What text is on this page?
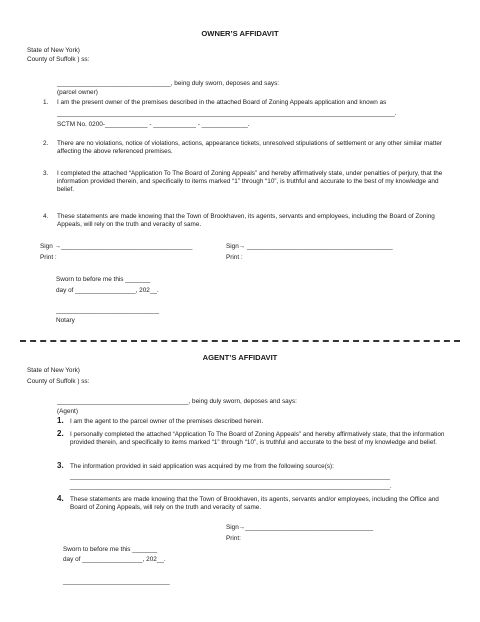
OWNER’S AFFIDAVIT
State of New York)
County of Suffolk ) ss:
________________________________, being duly sworn, deposes and says:
(parcel owner)
1. I am the present owner of the premises described in the attached Board of Zoning Appeals application and known as
_______________________________________________________________________________________________.
SCTM No. 0200-____________ - ____________ - _____________.
2. There are no violations, notice of violations, actions, appearance tickets, unresolved stipulations of settlement or any other similar matter affecting the above referenced premises.
3. I completed the attached “Application To The Board of Zoning Appeals” and hereby affirmatively state, under penalties of perjury, that the information provided therein, and specifically to items marked “1” through “10”, is truthful and accurate to the best of my knowledge and belief.
4. These statements are made knowing that the Town of Brookhaven, its agents, servants and employees, including the Board of Zoning Appeals, will rely on the truth and veracity of same.
Sign →_____________________________________	Sign→ _________________________________________
Print :	Print :
Sworn to before me this _______
day of _________________, 202__.
_____________________________
Notary
AGENT’S AFFIDAVIT
State of New York)
County of Suffolk ) ss:
_____________________________________, being duly sworn, deposes and says:
(Agent)
1. I am the agent to the parcel owner of the premises described herein.
2. I personally completed the attached “Application To The Board of Zoning Appeals” and hereby affirmatively state, that the information provided therein, and specifically to items marked “1” through “10”, is truthful and accurate to the best of my knowledge and belief.
3. The information provided in said application was acquired by me from the following source(s):
__________________________________________________________________________________________
__________________________________________________________________________________________.
4. These statements are made knowing that the Town of Brookhaven, its agents, servants and/or employees, including the Office and Board of Zoning Appeals, will rely on the truth and veracity of same.
Sign→____________________________________
Print:
Sworn to before me this _______
day of _________________, 202__.
______________________________
